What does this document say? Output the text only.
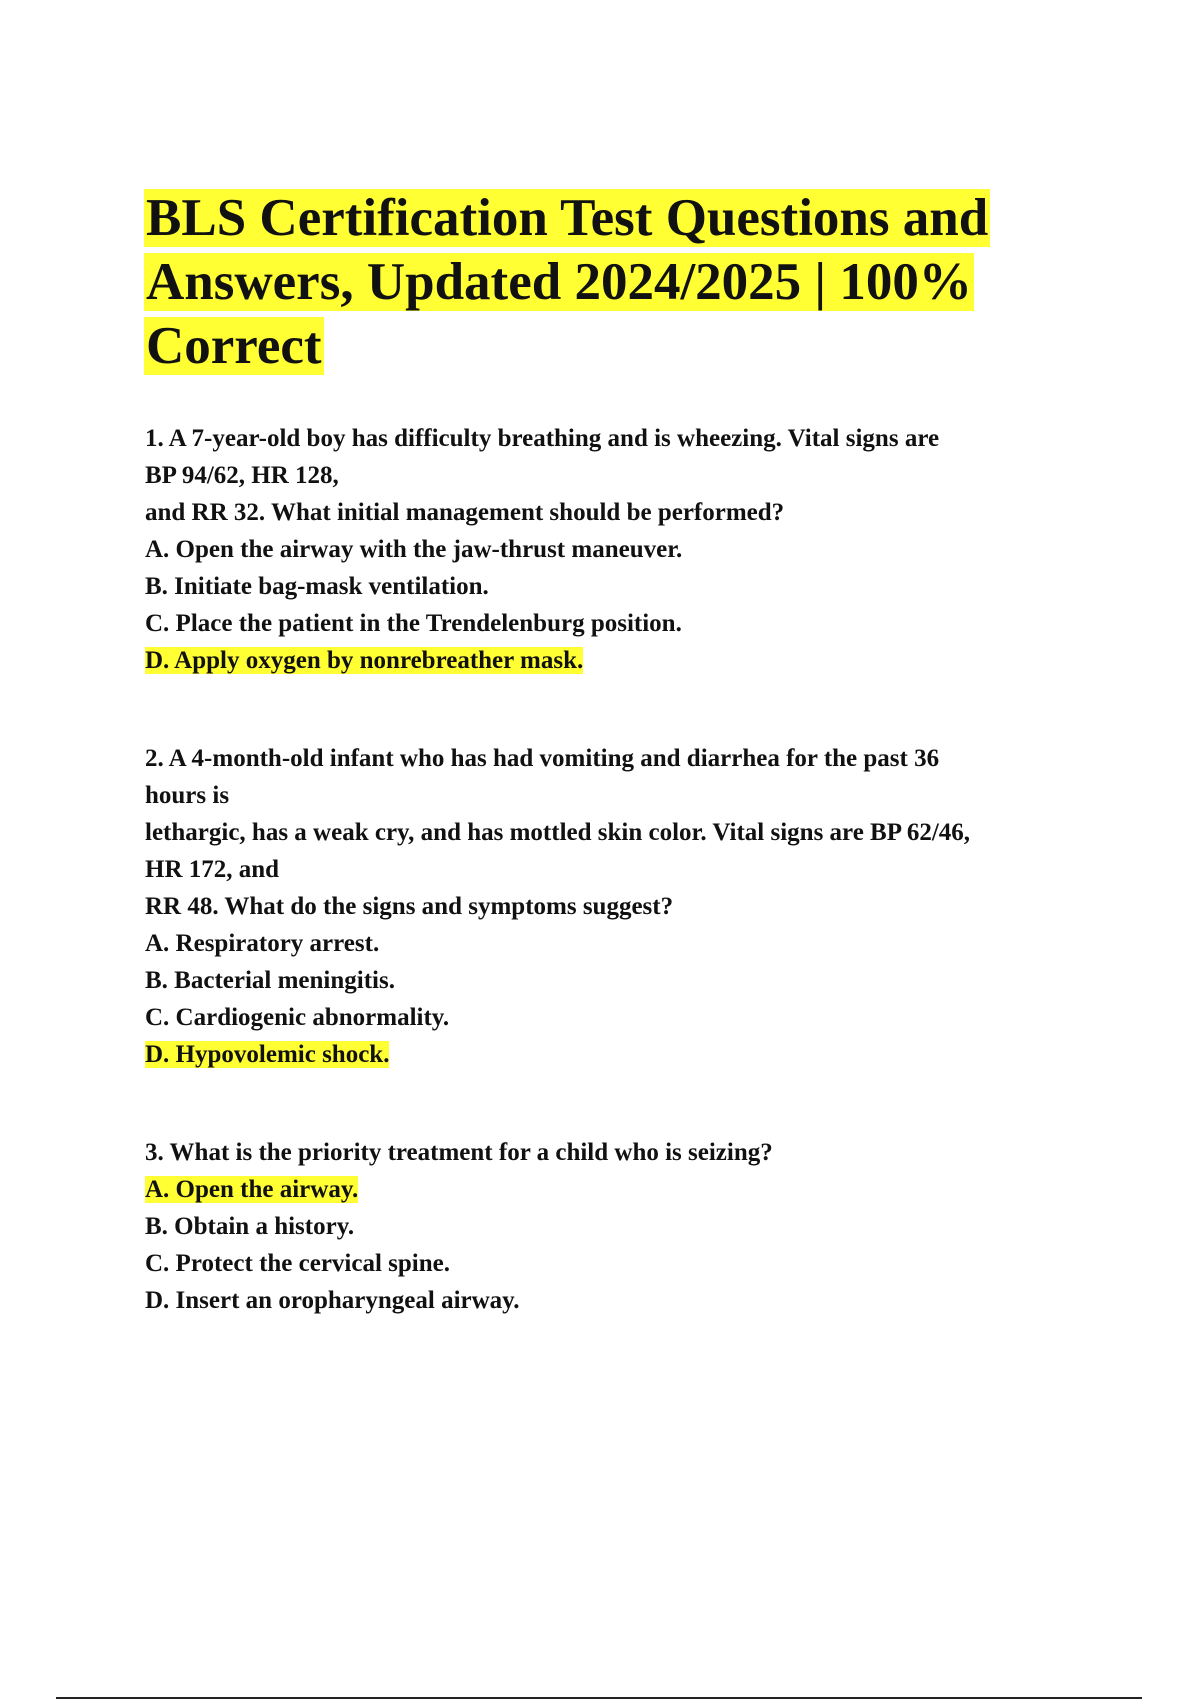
BLS Certification Test Questions and
Answers, Updated 2024/2025 | 100%
Correct

1. A 7-year-old boy has difficulty breathing and is wheezing. Vital signs are

BP 94/62, HR 128,

and RR 32. What initial management should be performed?

A. Open the airway with the jaw-thrust maneuver.

B. Initiate bag-mask ventilation.

C. Place the patient in the Trendelenburg position.

D. Apply oxygen by nonrebreather mask.

2. A 4-month-old infant who has had vomiting and diarrhea for the past 36

hours is

lethargic, has a weak cry, and has mottled skin color. Vital signs are BP 62/46,

HR 172, and

RR 48. What do the signs and symptoms suggest?

A. Respiratory arrest.

B. Bacterial meningitis.

C. Cardiogenic abnormality.

D. Hypovolemic shock.

3. What is the priority treatment for a child who is seizing?

A. Open the airway.

B. Obtain a history.

C. Protect the cervical spine.

D. Insert an oropharyngeal airway.
